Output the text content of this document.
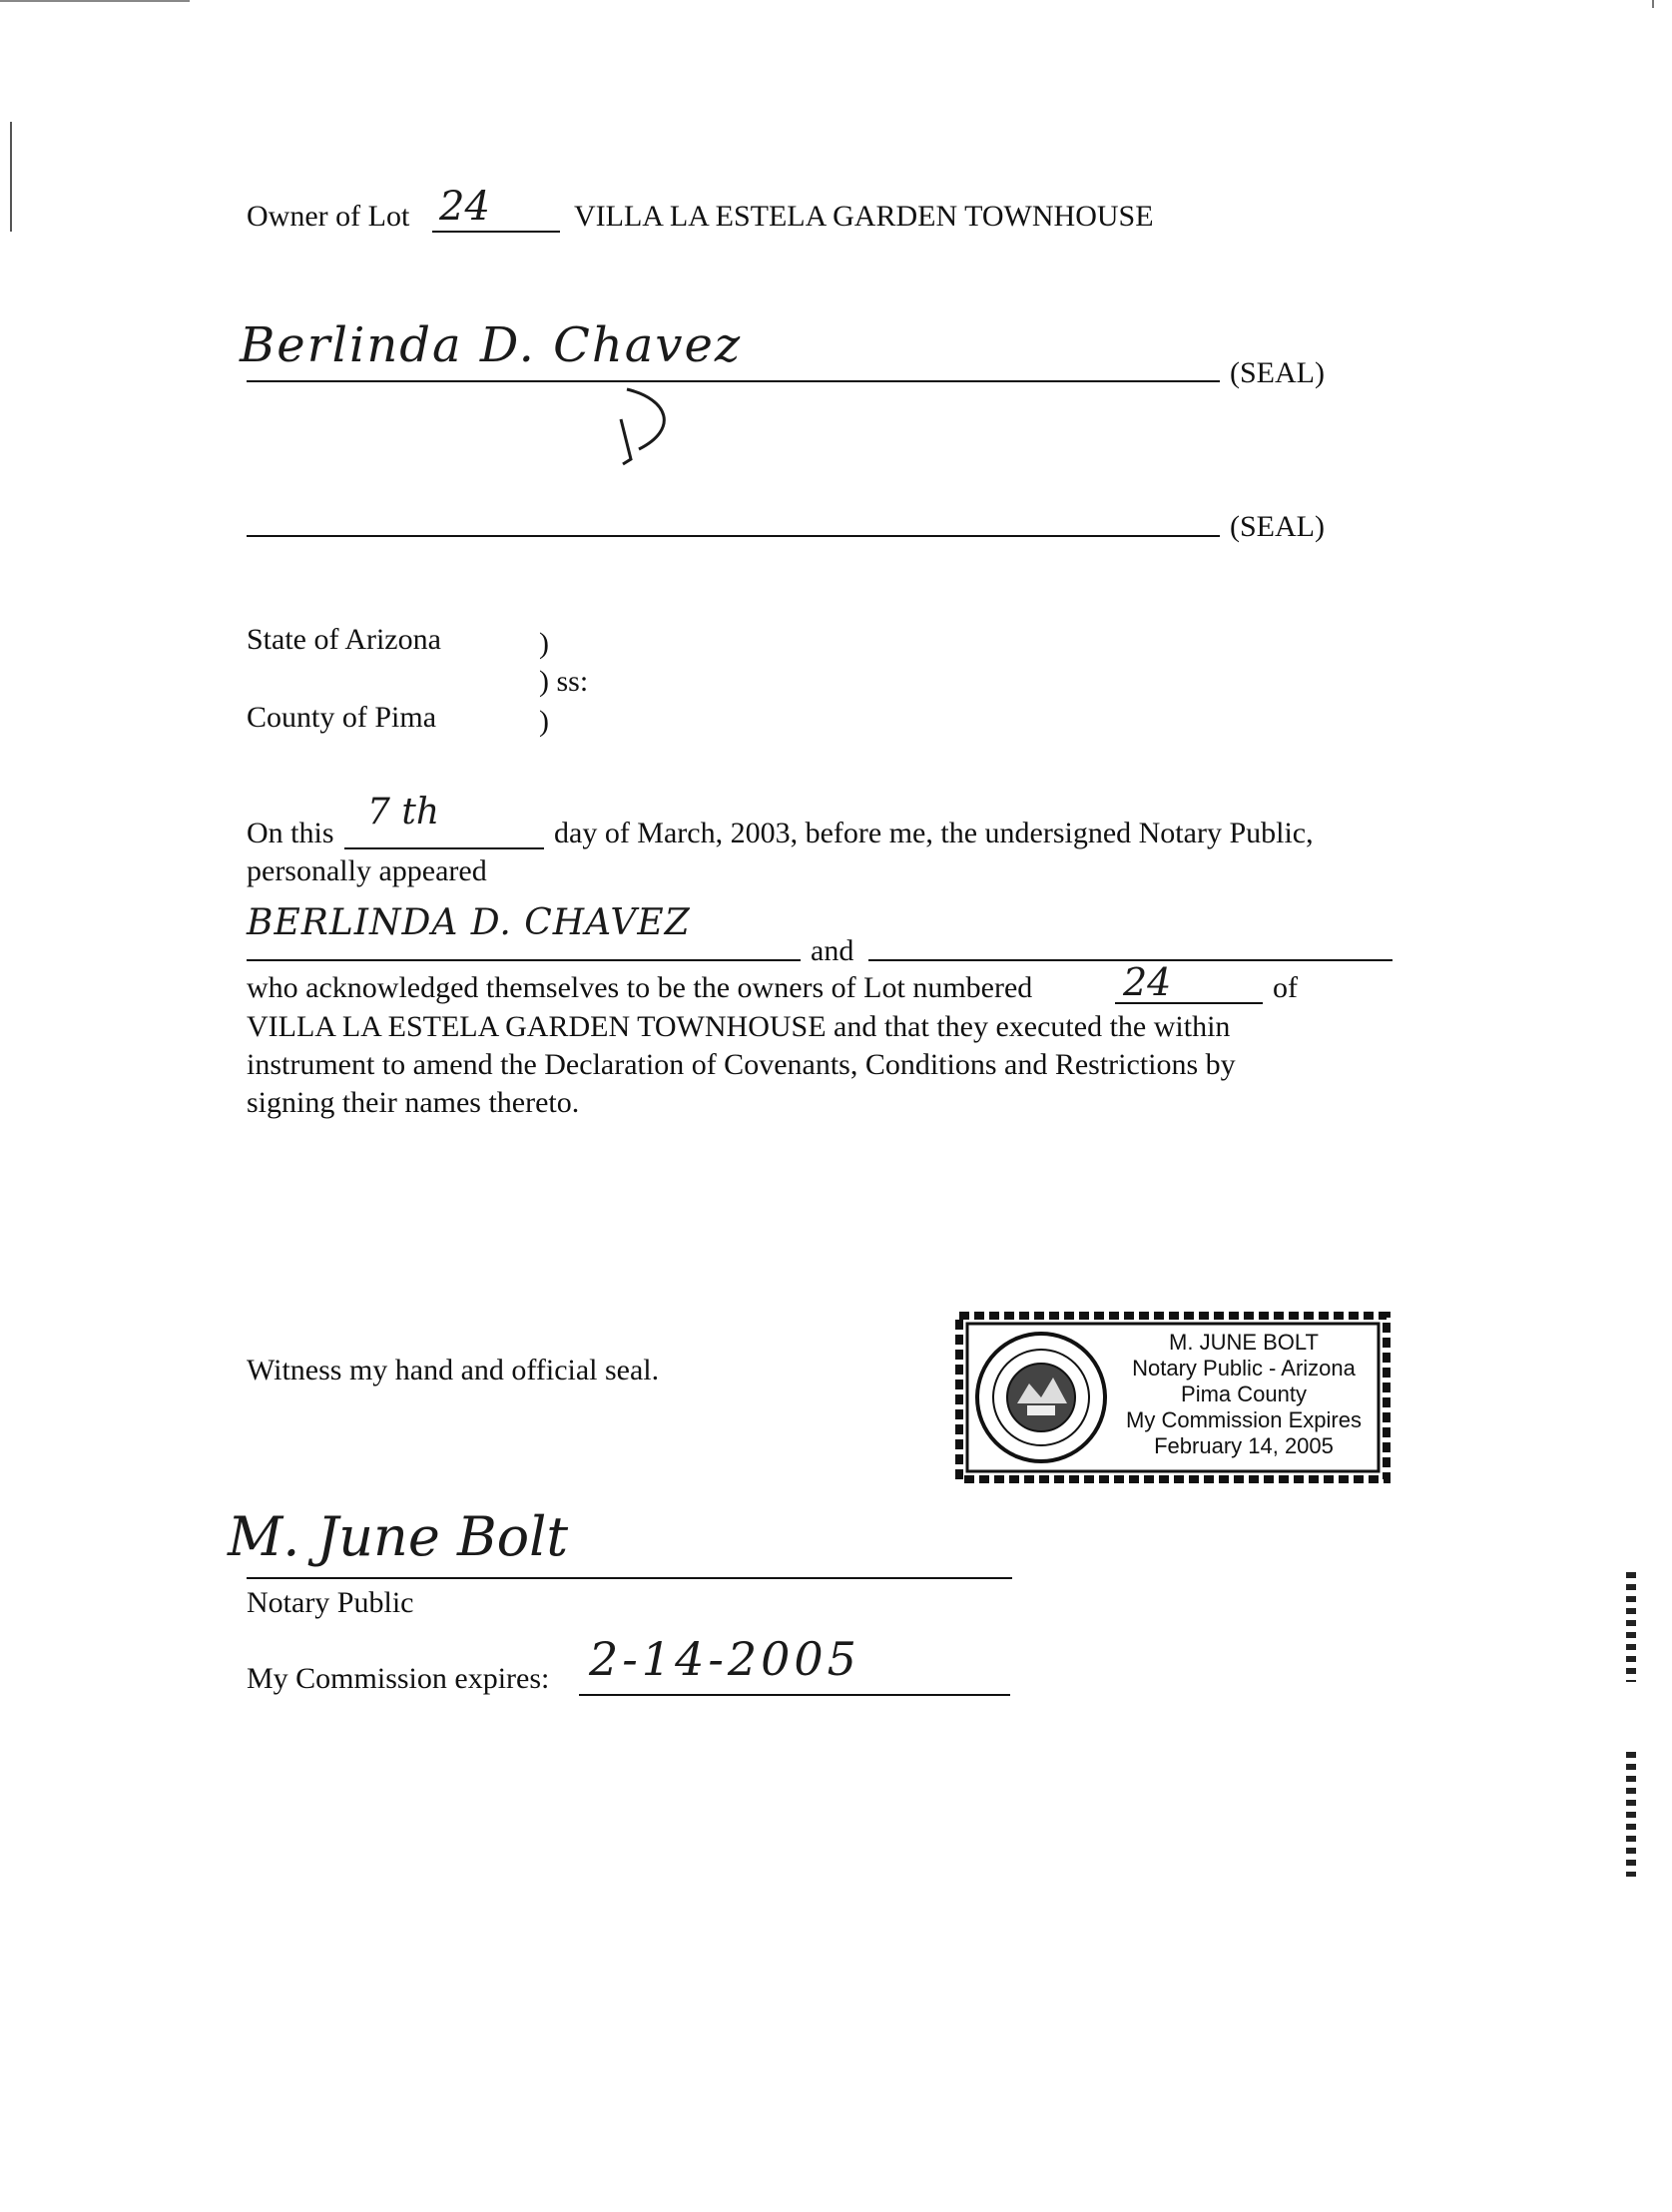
Owner of Lot 24	VILLA LA ESTELA GARDEN TOWNHOUSE
Berlinda D. Chavez	(SEAL)
(SEAL)
State of Arizona	)
) ss:
County of Pima	)
On this
7 th
day of March, 2003, before me, the undersigned Notary Public,
personally appeared
BERLINDA D. CHAVEZ
and
who acknowledged themselves to be the owners of Lot numbered 24	of
VILLA LA ESTELA GARDEN TOWNHOUSE and that they executed the within
instrument to amend the Declaration of Covenants, Conditions and Restrictions by
signing their names thereto.
Witness my hand and official seal.
M. JUNE BOLT
Notary Public - Arizona
Pima County
My Commission Expires
February 14, 2005
M. June Bolt
Notary Public
My Commission expires: 2-14-2005
